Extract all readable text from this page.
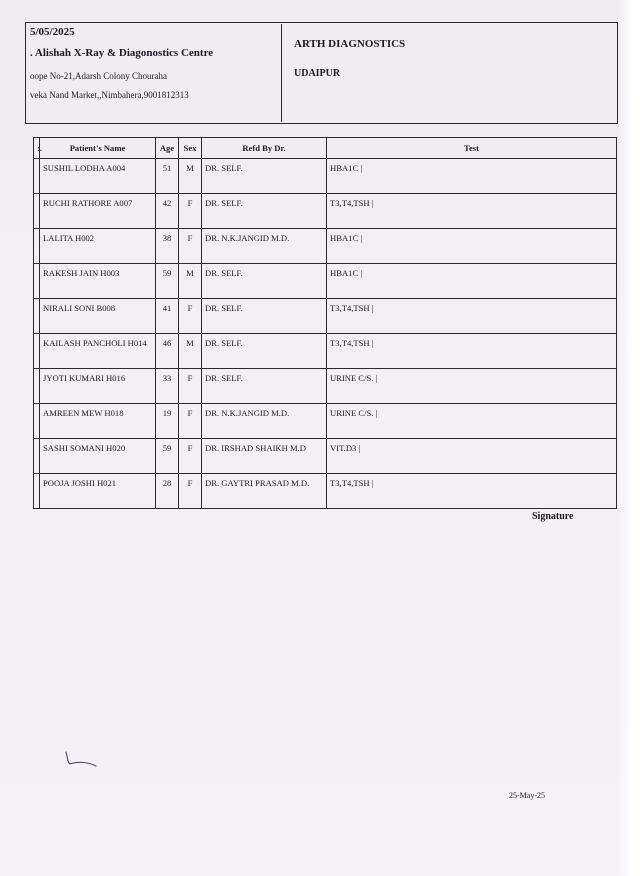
5/05/2025
. Alishah X-Ray & Diagonostics Centre
oope No-21,Adarsh Colony Chouraha
veka Nand Market,,Nimbahera,9001812313
ARTH DIAGNOSTICS
UDAIPUR
:.	Patient's Name	Age	Sex	Refd By Dr.	Test
	SUSHIL LODHA A004	51	M	DR. SELF.	HBA1C |
	RUCHI RATHORE A007	42	F	DR. SELF.	T3,T4,TSH |
	LALITA H002	38	F	DR. N.K.JANGID M.D.	HBA1C |
	RAKESH JAIN H003	59	M	DR. SELF.	HBA1C |
	NIRALI SONI B008	41	F	DR. SELF.	T3,T4,TSH |
	KAILASH PANCHOLI H014	46	M	DR. SELF.	T3,T4,TSH |
	JYOTI KUMARI H016	33	F	DR. SELF.	URINE C/S. |
	AMREEN MEW H018	19	F	DR. N.K.JANGID M.D.	URINE C/S. |
	SASHI SOMANI H020	59	F	DR. IRSHAD SHAIKH M.D	VIT.D3 |
	POOJA JOSHI H021	28	F	DR. GAYTRI PRASAD M.D.	T3,T4,TSH |
Signature
25-May-25
